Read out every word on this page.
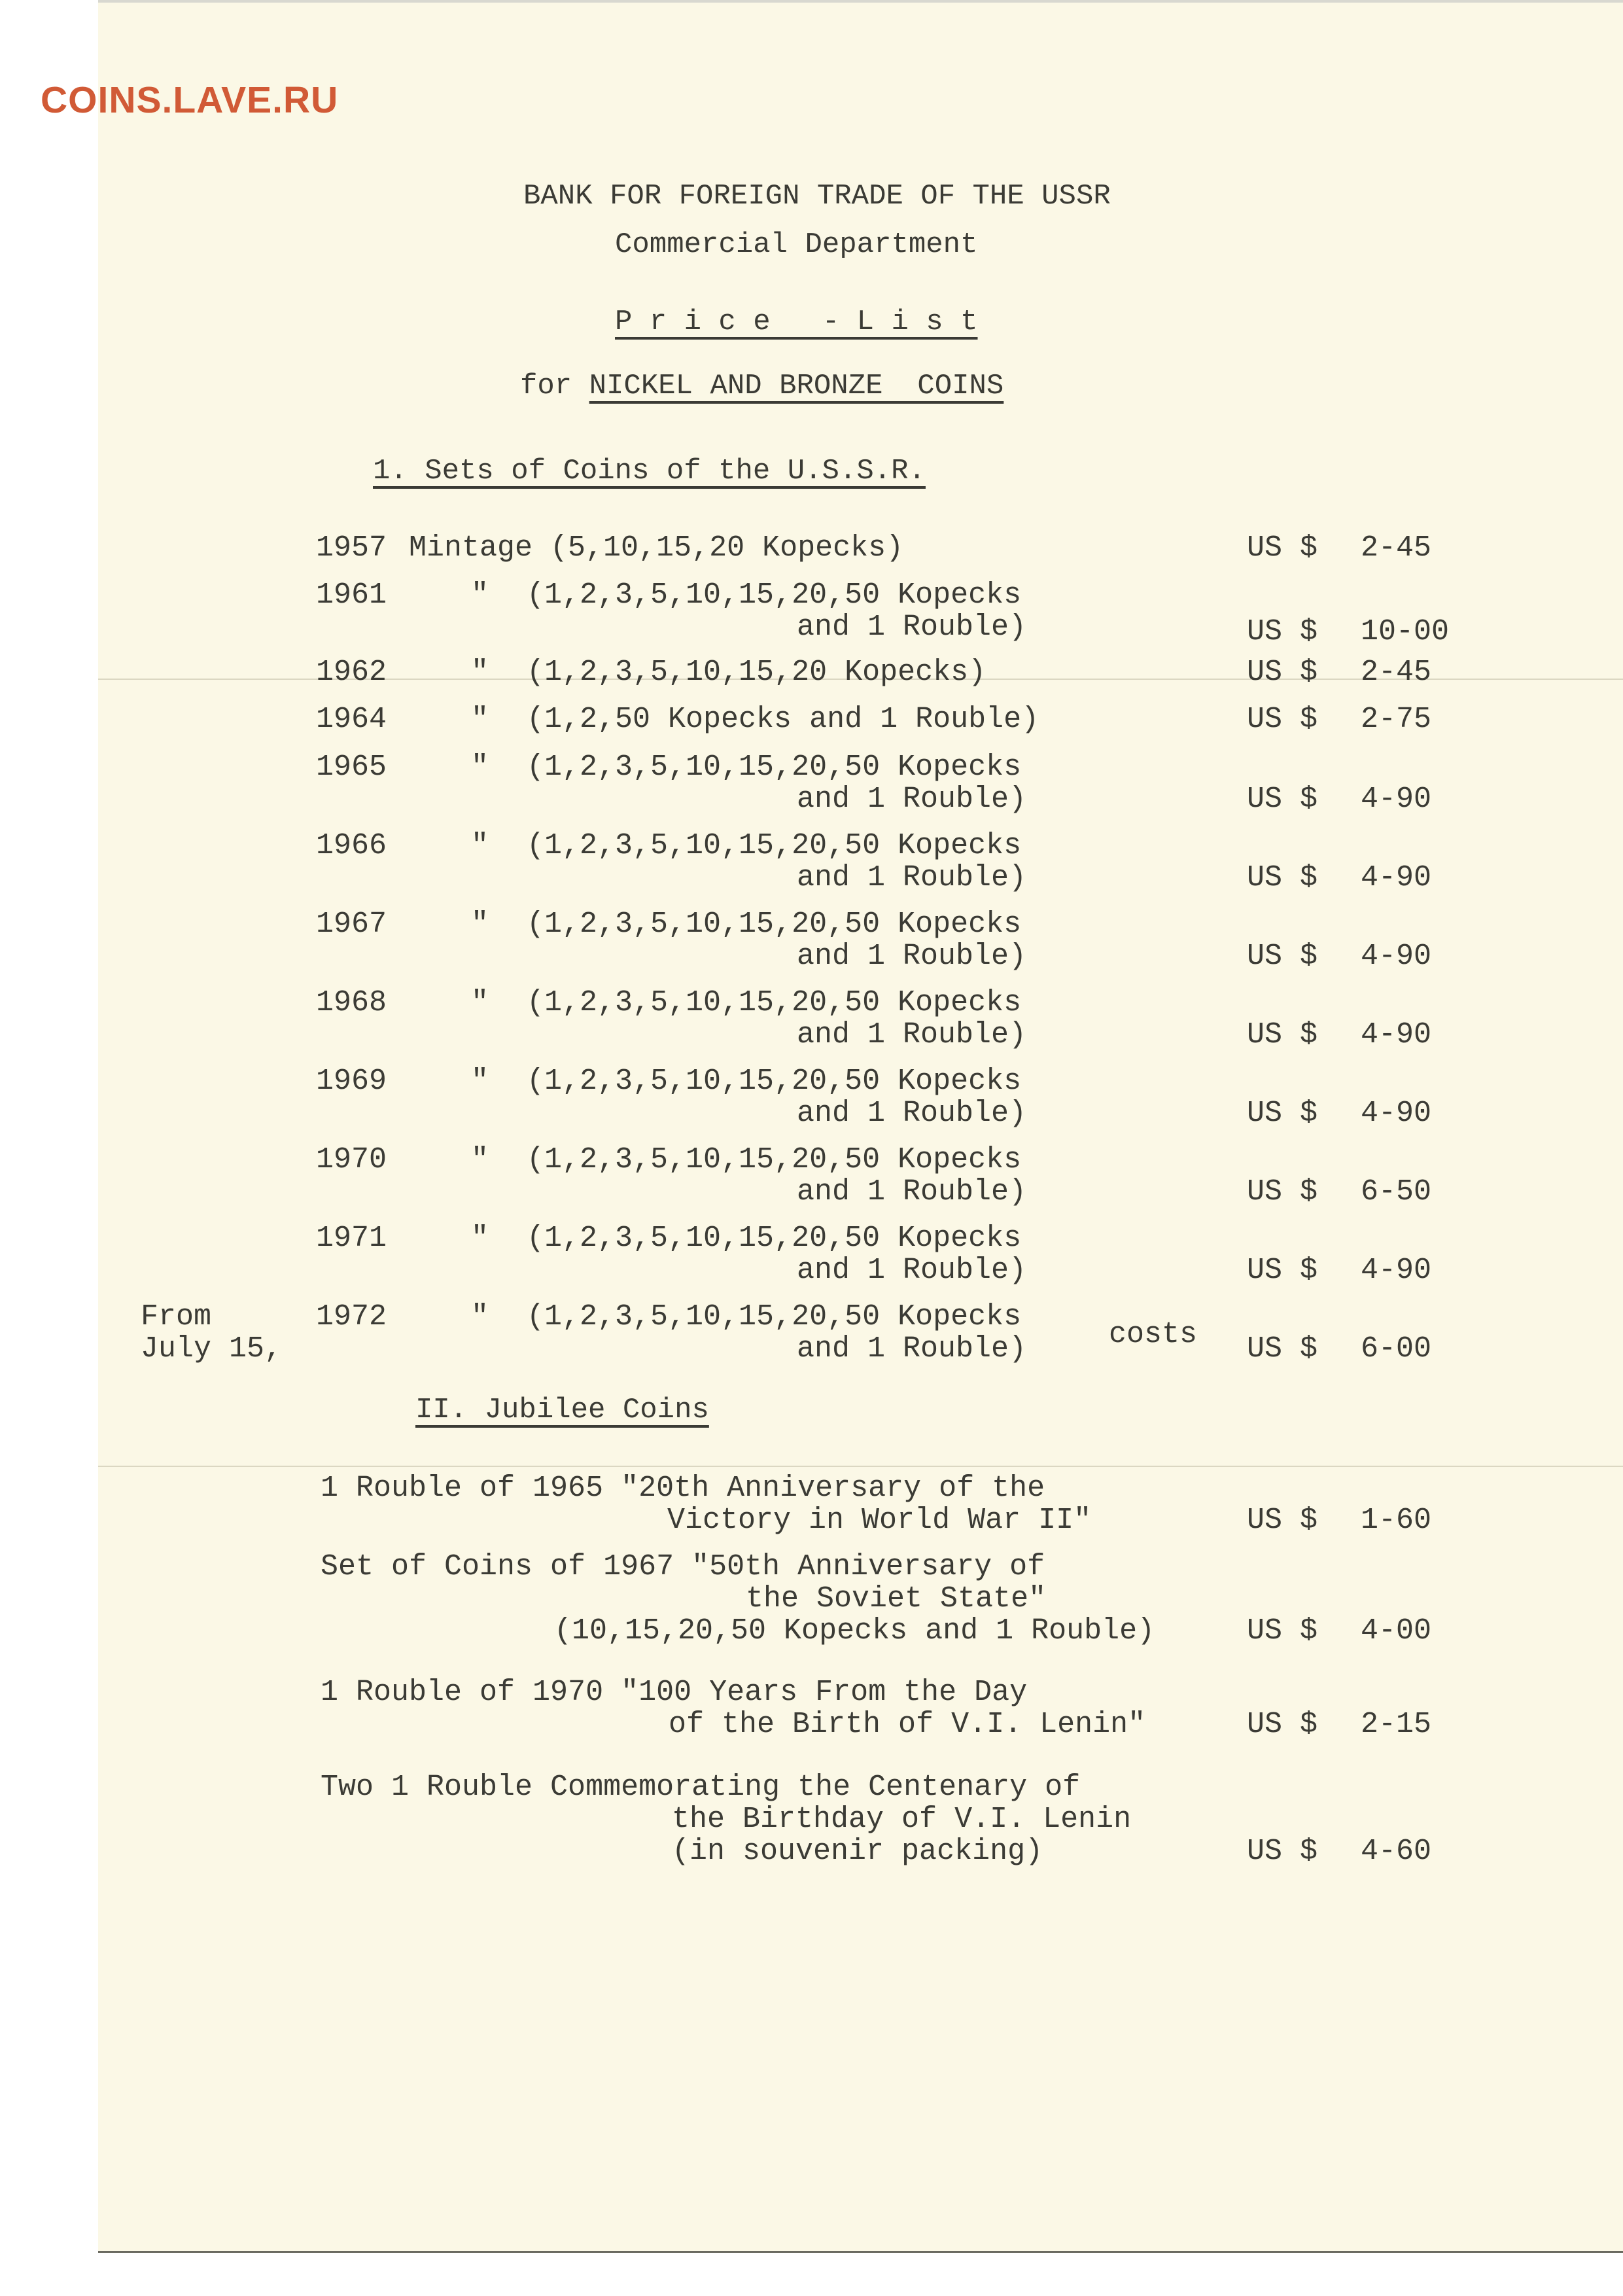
COINS.LAVE.RU
BANK FOR FOREIGN TRADE OF THE USSR
Commercial Department
P r i c e   - L i s t
for NICKEL AND BRONZE  COINS
1. Sets of Coins of the U.S.S.R.
1957 Mintage (5,10,15,20 Kopecks)	US $ 2-45
1961	" (1,2,3,5,10,15,20,50 Kopecks
and 1 Rouble)	US $ 10-00
1962	" (1,2,3,5,10,15,20 Kopecks)	US $ 2-45
1964	" (1,2,50 Kopecks and 1 Rouble)	US $ 2-75
1965	" (1,2,3,5,10,15,20,50 Kopecks
and 1 Rouble)	US $ 4-90
1966	" (1,2,3,5,10,15,20,50 Kopecks
and 1 Rouble)	US $ 4-90
1967	" (1,2,3,5,10,15,20,50 Kopecks
and 1 Rouble)	US $ 4-90
1968	" (1,2,3,5,10,15,20,50 Kopecks
and 1 Rouble)	US $ 4-90
1969	" (1,2,3,5,10,15,20,50 Kopecks
and 1 Rouble)	US $ 4-90
1970	" (1,2,3,5,10,15,20,50 Kopecks
and 1 Rouble)	US $ 6-50
1971	" (1,2,3,5,10,15,20,50 Kopecks
and 1 Rouble)	US $ 4-90
From
July 15,
1972	" (1,2,3,5,10,15,20,50 Kopecks
and 1 Rouble)	costs US $ 6-00
II. Jubilee Coins
1 Rouble of 1965 "20th Anniversary of the
Victory in World War II"	US $ 1-60
Set of Coins of 1967 "50th Anniversary of
the Soviet State"
(10,15,20,50 Kopecks and 1 Rouble)	US $ 4-00
1 Rouble of 1970 "100 Years From the Day
of the Birth of V.I. Lenin"	US $ 2-15
Two 1 Rouble Commemorating the Centenary of
the Birthday of V.I. Lenin
(in souvenir packing)	US $ 4-60
